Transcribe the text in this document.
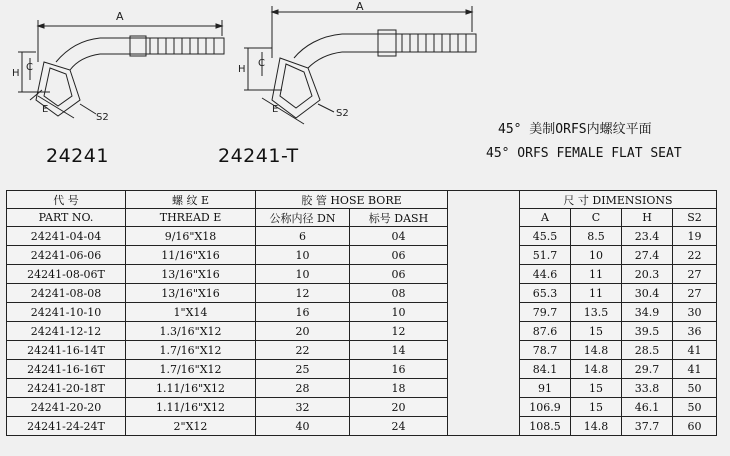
A
H
C
E
S2
A
H
C
E	S2
24241	24241-T
45° 美制ORFS内螺纹平面
45° ORFS FEMALE FLAT SEAT
代 号	螺 纹 E	胶 管 HOSE BORE			尺 寸 DIMENSIONS			
PART NO.	THREAD E	公称内径 DN	标号 DASH		A	C	H	S2
24241-04-04	9/16"X18	6	04		45.5	8.5	23.4	19
24241-06-06	11/16"X16	10	06		51.7	10	27.4	22
24241-08-06T	13/16"X16	10	06		44.6	11	20.3	27
24241-08-08	13/16"X16	12	08		65.3	11	30.4	27
24241-10-10	1"X14	16	10		79.7	13.5	34.9	30
24241-12-12	1.3/16"X12	20	12		87.6	15	39.5	36
24241-16-14T	1.7/16"X12	22	14		78.7	14.8	28.5	41
24241-16-16T	1.7/16"X12	25	16		84.1	14.8	29.7	41
24241-20-18T	1.11/16"X12	28	18		91	15	33.8	50
24241-20-20	1.11/16"X12	32	20		106.9	15	46.1	50
24241-24-24T	2"X12	40	24		108.5	14.8	37.7	60
